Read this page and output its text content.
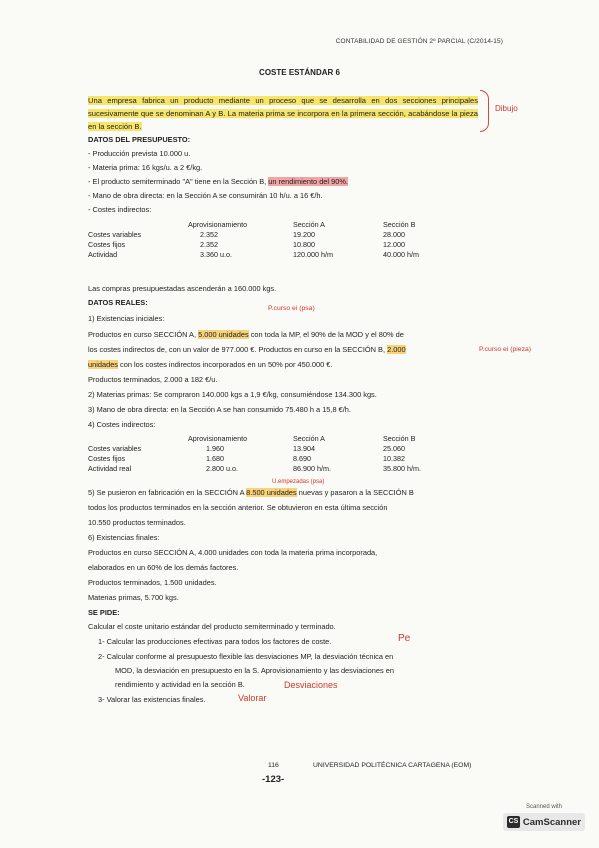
CONTABILIDAD DE GESTIÓN 2º PARCIAL (C/2014-15)
COSTE ESTÁNDAR 6
Una empresa fabrica un producto mediante un proceso que se desarrolla en dos secciones principales sucesivamente que se denominan A y B. La materia prima se incorpora en la primera sección, acabándose la pieza en la sección B.
Dibujo
DATOS DEL PRESUPUESTO:
- Producción prevista 10.000 u.
- Materia prima: 16 kgs/u. a 2 €/kg.
- El producto semiterminado "A" tiene en la Sección B, un rendimiento del 90%.
- Mano de obra directa: en la Sección A se consumirán 10 h/u. a 16 €/h.
- Costes indirectos:
	Aprovisionamiento	Sección A	Sección B
Costes variables	2.352	19.200	28.000
Costes fijos	2.352	10.800	12.000
Actividad	3.360 u.o.	120.000 h/m	40.000 h/m
Las compras presupuestadas ascenderán a 160.000 kgs.
DATOS REALES:
P.curso ei (psa)
1) Existencias iniciales:
Productos en curso SECCIÓN A, 5.000 unidades con toda la MP, el 90% de la MOD y el 80% de
los costes indirectos de, con un valor de 977.000 €. Productos en curso en la SECCIÓN B, 2.000	P.curso ei (pieza)
unidades con los costes indirectos incorporados en un 50% por 450.000 €.
Productos terminados, 2.000 a 182 €/u.
2) Materias primas: Se compraron 140.000 kgs a 1,9 €/kg, consumiéndose 134.300 kgs.
3) Mano de obra directa: en la Sección A se han consumido 75.480 h a 15,8 €/h.
4) Costes indirectos:
	Aprovisionamiento	Sección A	Sección B
Costes variables	1.960	13.904	25.060
Costes fijos	1.680	8.690	10.382
Actividad real	2.800 u.o.	86.900 h/m.	35.800 h/m.
U.empezadas (psa)
5) Se pusieron en fabricación en la SECCIÓN A 8.500 unidades nuevas y pasaron a la SECCIÓN B
todos los productos terminados en la sección anterior. Se obtuvieron en esta última sección
10.550 productos terminados.
6) Existencias finales:
Productos en curso SECCIÓN A, 4.000 unidades con toda la materia prima incorporada,
elaborados en un 60% de los demás factores.
Productos terminados, 1.500 unidades.
Materias primas, 5.700 kgs.
SE PIDE:
Calcular el coste unitario estándar del producto semiterminado y terminado.
1- Calcular las producciones efectivas para todos los factores de coste.	Pe
2- Calcular conforme al presupuesto flexible las desviaciones MP, la desviación técnica en
MOD, la desviación en presupuesto en la S. Aprovisionamiento y las desviaciones en
rendimiento y actividad en la sección B.	Desviaciones
3- Valorar las existencias finales.	Valorar
116	UNIVERSIDAD POLITÉCNICA CARTAGENA (EOM)
-123-
Scanned with
CS CamScanner
